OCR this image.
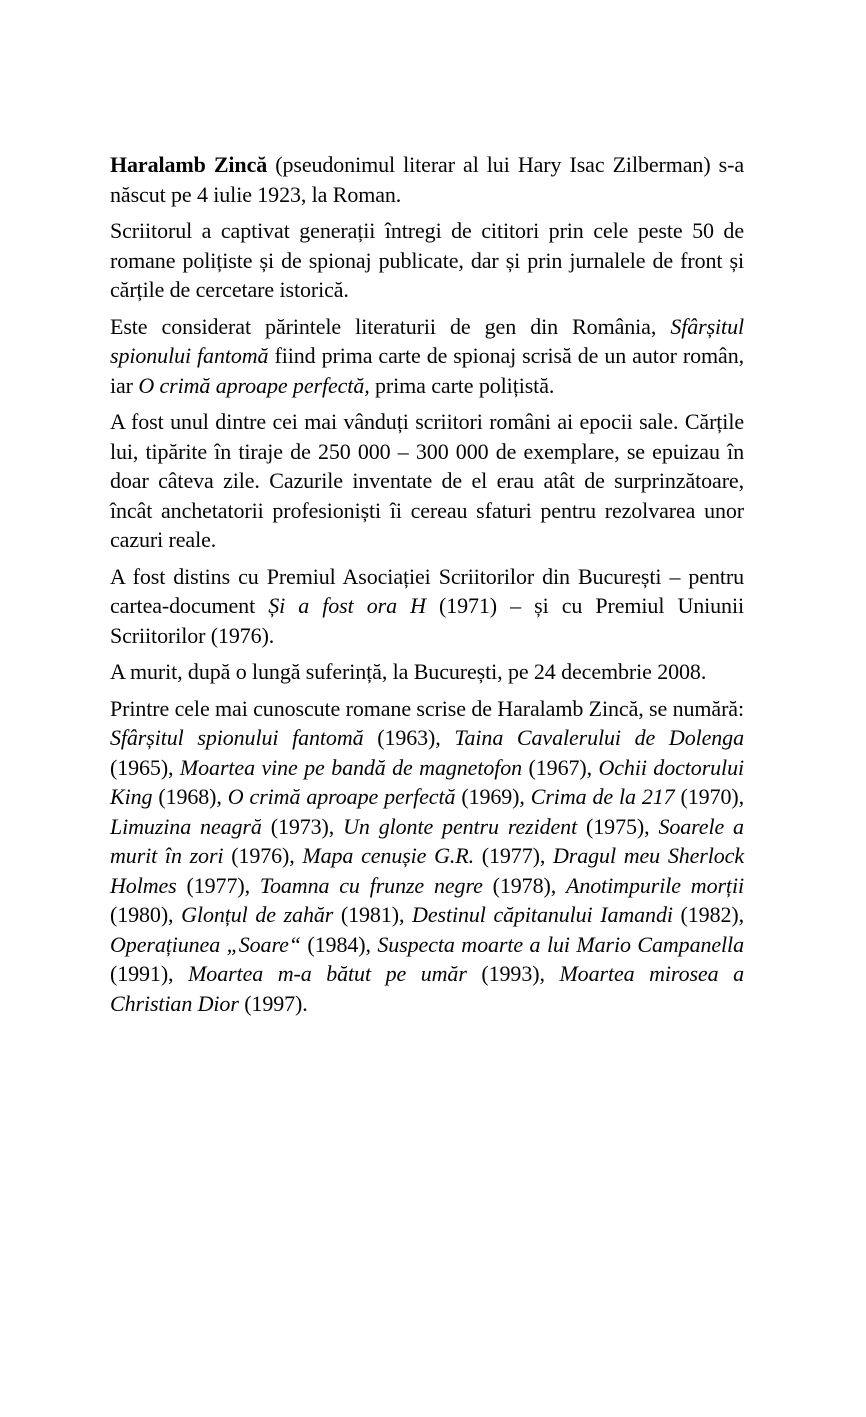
Haralamb Zincă (pseudonimul literar al lui Hary Isac Zilberman) s-a născut pe 4 iulie 1923, la Roman.

Scriitorul a captivat generații întregi de cititori prin cele peste 50 de romane polițiste și de spionaj publicate, dar și prin jurnalele de front și cărțile de cercetare istorică.

Este considerat părintele literaturii de gen din România, Sfârșitul spionului fantomă fiind prima carte de spionaj scrisă de un autor român, iar O crimă aproape perfectă, prima carte polițistă.

A fost unul dintre cei mai vânduți scriitori români ai epocii sale. Cărțile lui, tipărite în tiraje de 250 000 – 300 000 de exemplare, se epuizau în doar câteva zile. Cazurile inventate de el erau atât de surprinzătoare, încât anchetatorii profesioniști îi cereau sfaturi pentru rezolvarea unor cazuri reale.

A fost distins cu Premiul Asociației Scriitorilor din București – pentru cartea-document Și a fost ora H (1971) – și cu Premiul Uniunii Scriitorilor (1976).

A murit, după o lungă suferință, la București, pe 24 decembrie 2008.

Printre cele mai cunoscute romane scrise de Haralamb Zincă, se numără: Sfârșitul spionului fantomă (1963), Taina Cavalerului de Dolenga (1965), Moartea vine pe bandă de magnetofon (1967), Ochii doctorului King (1968), O crimă aproape perfectă (1969), Crima de la 217 (1970), Limuzina neagră (1973), Un glonte pentru rezident (1975), Soarele a murit în zori (1976), Mapa cenușie G.R. (1977), Dragul meu Sherlock Holmes (1977), Toamna cu frunze negre (1978), Anotimpurile morții (1980), Glonțul de zahăr (1981), Destinul căpitanului Iamandi (1982), Operațiunea „Soare“ (1984), Suspecta moarte a lui Mario Campanella (1991), Moartea m-a bătut pe umăr (1993), Moartea mirosea a Christian Dior (1997).
